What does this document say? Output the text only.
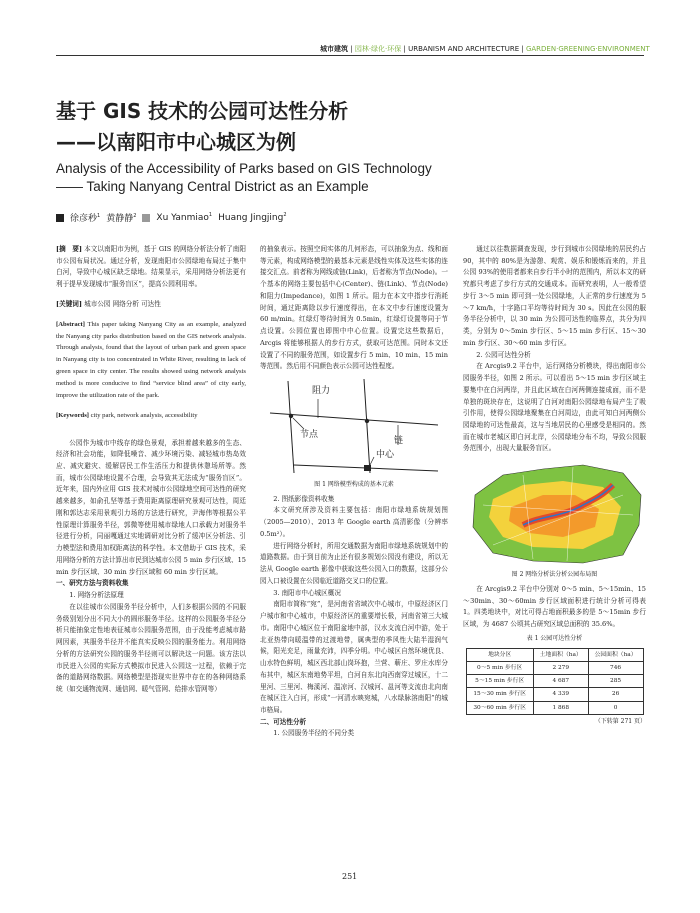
城市建筑 | 园林·绿化·环保 | URBANISM AND ARCHITECTURE | GARDEN·GREENING·ENVIRONMENT
基于 GIS 技术的公园可达性分析
——以南阳市中心城区为例
Analysis of the Accessibility of Parks based on GIS Technology
—— Taking Nanyang Central District as an Example
徐彦秒$^1$ 黄静静$^2$ Xu Yanmiao$^1$ Huang Jingjing$^2$

[摘　要] 本文以南阳市为例，基于 GIS 的网络分析法分析了南阳市公园布局状况。通过分析，发现南阳市公园绿地布局过于集中白河，导致中心城区缺乏绿地。结果显示，采用网络分析法更有利于提早发现城市“服务盲区”，提高公园利用率。

[关键词] 城市公园 网络分析 可达性

[Abstract] This paper taking Nanyang City as an example, analyzed the Nanyang city parks distribution based on the GIS network analysis. Through analysis, found that the layout of urban park and green space in Nanyang city is too concentrated in White River, resulting in lack of green space in city center. The results showed using network analysis method is more conducive to find “service blind area” of city early, improve the utilization rate of the park.

[Keywords] city park, network analysis, accessibility

公园作为城市中线存的绿色景观，承担着越来越多的生态、经济和社会功能，如降低噪音、减少环境污染、减轻城市热岛效应、减灾避灾、缓解居民工作生活压力和提供休憩场所等。然而，城市公园绿地设置不合理，会导致其无法成为“服务盲区”。近年来，国内外应用 GIS 技术对城市公园绿地空间可达性的研究越来越多，如俞孔坚等基于费用距离原理研究景观可达性，周廷刚和郭达志采用景观引力场的方法进行研究，尹海伟等根据公平性原理计算服务半径，郭微等使用城市绿地人口承载力对服务半径进行分析，同丽嘎通过实地调研对比分析了缓冲区分析法、引力模型法和费用加权距离法的科学性。本文借助于 GIS 技术，采用网络分析的方法计算出市民到达城市公园 5 min 步行区域、15 min 步行区域、30 min 步行区域和 60 min 步行区域。

一、研究方法与资料收集

1. 网络分析法原理

在以往城市公园服务半径分析中，人们多根据公园的不同服务级别划分出不同大小的圆形服务半径。这样的公园服务半径分析只能抽象定性地表征城市公园服务范围，由于没能考虑城市路网因素，其服务半径并不能真实反映公园的服务能力。利用网络分析的方法研究公园的服务半径则可以解决这一问题。该方法以市民进入公园的实际方式模拟市民进入公园这一过程，依赖于完备的道路网络数据。网络模型是指现实世界中存在的各种网络系统（如交通物流网、通信网、暖气管网、给排水管网等）

的抽象表示。按照空间实体的几何形态，可以抽象为点、线和面等元素，构成网络模型的最基本元素是线性实体及这些实体的连接交汇点。前者称为网线或链(Link)，后者称为节点(Node)。一个基本的网络主要包括中心(Center)、链(Link)、节点(Node)和阻力(Impedance)，如图 1 所示。阻力在本文中指步行消耗时间，通过距离除以步行速度得出，在本文中步行速度设置为 60 m/min。红绿灯等待时间为 0.5min，红绿灯设置等同于节点设置。公园位置也即图中中心位置。设置完这些数据后，Arcgis 将能够根据人的步行方式，获取可达范围。同时本文还设置了不同的服务范围，如设置步行 5 min、10 min、15 min 等范围。然后用不同颜色表示公园可达性程度。

阻力
节点
链
中心

图 1 网络模型构成的基本元素

2. 图纸影像资料收集

本文研究所涉及资料主要包括：南阳市绿地系统规划图（2005—2010）、2013 年 Google earth 高清影像（分辨率 0.5m²）。

进行网络分析时，所用交通数据为南阳市绿地系统规划中的道路数据。由于到目前为止还有很多规划公园没有建设，所以无法从 Google earth 影像中获取这些公园入口的数据，这部分公园入口被设置在公园临近道路交叉口的位置。

3. 南阳市中心城区概况

南阳市简称“宛”，是河南省省域次中心城市，中原经济区门户城市和中心城市，中原经济区的重要增长极，河南省第三大城市。南阳中心城区位于南阳盆地中部，汉水支流白河中游，处于北亚热带向暖温带的过渡地带，属典型的季风性大陆半湿润气候，阳光充足，雨量充沛，四季分明。中心城区自然环境优良、山水特色鲜明，城区西北部山岗环抱，兰营、蕲庄、罗庄水库分布其中，城区东南地势平坦，白河自东北向西南穿过城区，十二里河、三里河、梅溪河、温凉河、汉城河、邕河等支流由北向南在城区注入白河，形成“一河清水映宛城，八水绿脉溶南阳”的城市格局。

二、可达性分析

1. 公园服务半径的不同分类

通过以往数据调查发现，步行到城市公园绿地的居民约占 90，其中的 80%是为游憩、观赏、娱乐和锻炼而来的，并且公园 93%的使用者都来自步行半小时的范围内，所以本文的研究都只考虑了步行方式的交通成本。而研究表明，人一般希望步行 3～5 min 即可到一处公园绿地，人正常的步行速度为 5～7 km/h，十字路口平均等待时间为 30 s。因此在公园的服务半径分析中，以 30 min 为公园可达性的临界点，共分为四类，分别为 0～5min 步行区、5～15 min 步行区、15～30 min 步行区、30～60 min 步行区。

2. 公园可达性分析

在 Arcgis9.2 平台中，运行网络分析模块，得出南阳市公园服务半径，如图 2 所示。可以看出 5～15 min 步行区域主要集中在白河两岸，并且此区域在白河两侧连接成面，而不是单独的斑块存在，这说明了白河对南阳公园绿地布局产生了吸引作用，使得公园绿地聚集在白河周边，由此可知白河两侧公园绿地的可达性最高，这与当地居民的心里感受是相同的。然而在城市老城区即白河北岸，公园绿地分布不均，导致公园服务范围小，出现大量服务盲区。

图 2 网络分析法分析公园布局图

在 Arcgis9.2 平台中分别对 0～5 min、5～15min、15～30min、30～60min 步行区域面积进行统计分析可得表 1。四类地块中，对比可得占地面积最多的是 5～15min 步行区域，为 4687 公顷其占研究区域总面积的 35.6%。

表 1 公园可达性分析

地块分区	土地面积（ha）	公园面积（ha）
0～5 min 步行区	2 279	746
5～15 min 步行区	4 687	285
15～30 min 步行区	4 339	26
30～60 min 步行区	1 868	0

（下转第 271 页）

251
